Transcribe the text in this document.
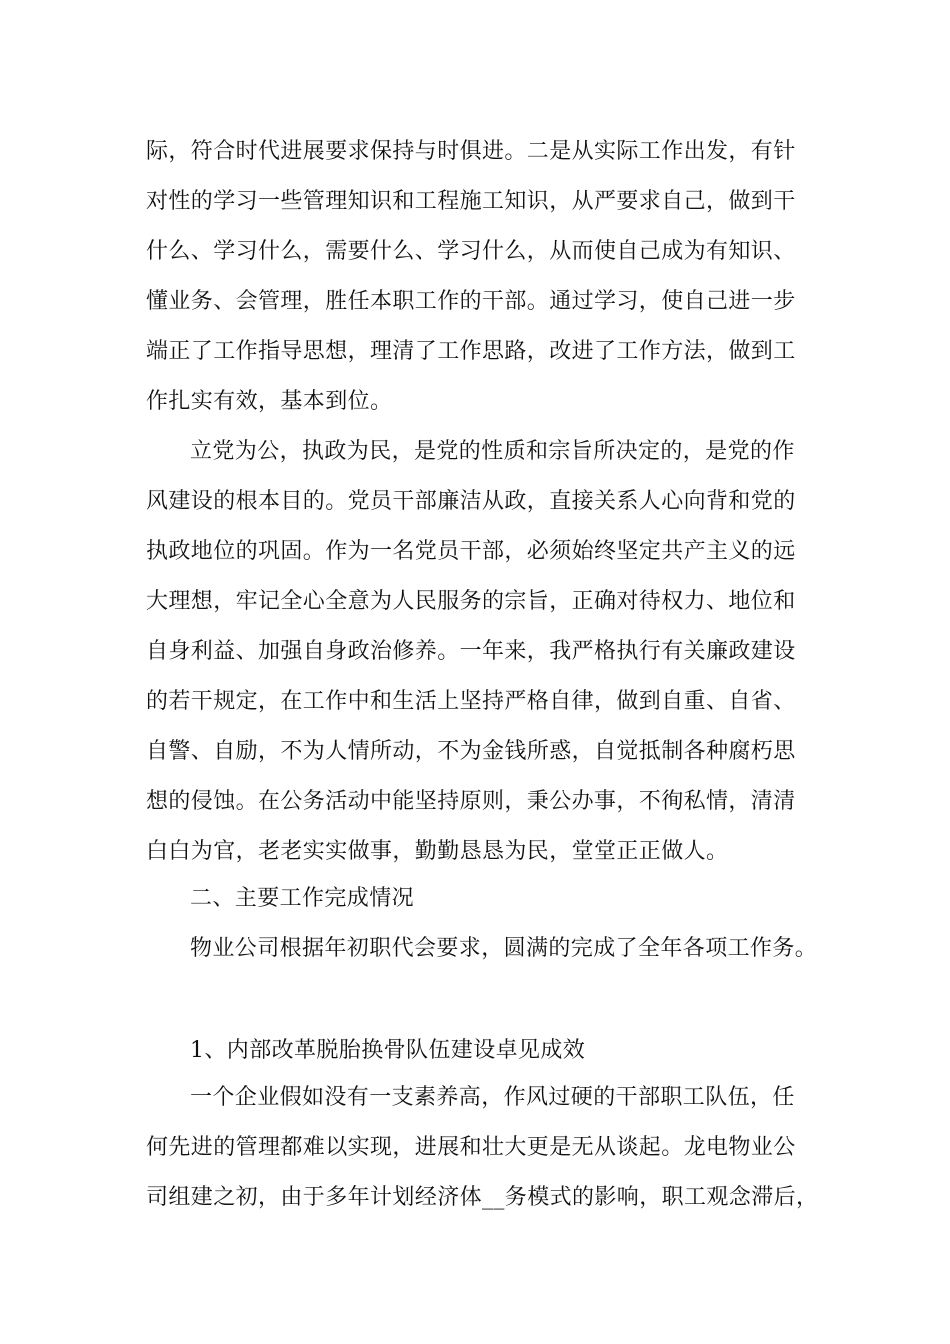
际，符合时代进展要求保持与时俱进。二是从实际工作出发，有针
对性的学习一些管理知识和工程施工知识，从严要求自己，做到干
什么、学习什么，需要什么、学习什么，从而使自己成为有知识、
懂业务、会管理，胜任本职工作的干部。通过学习，使自己进一步
端正了工作指导思想，理清了工作思路，改进了工作方法，做到工
作扎实有效，基本到位。
立党为公，执政为民，是党的性质和宗旨所决定的，是党的作
风建设的根本目的。党员干部廉洁从政，直接关系人心向背和党的
执政地位的巩固。作为一名党员干部，必须始终坚定共产主义的远
大理想，牢记全心全意为人民服务的宗旨，正确对待权力、地位和
自身利益、加强自身政治修养。一年来，我严格执行有关廉政建设
的若干规定，在工作中和生活上坚持严格自律，做到自重、自省、
自警、自励，不为人情所动，不为金钱所惑，自觉抵制各种腐朽思
想的侵蚀。在公务活动中能坚持原则，秉公办事，不徇私情，清清
白白为官，老老实实做事，勤勤恳恳为民，堂堂正正做人。
二、主要工作完成情况
物业公司根据年初职代会要求，圆满的完成了全年各项工作务。
1、内部改革脱胎换骨队伍建设卓见成效
一个企业假如没有一支素养高，作风过硬的干部职工队伍，任
何先进的管理都难以实现，进展和壮大更是无从谈起。龙电物业公
司组建之初，由于多年计划经济体__务模式的影响，职工观念滞后，
